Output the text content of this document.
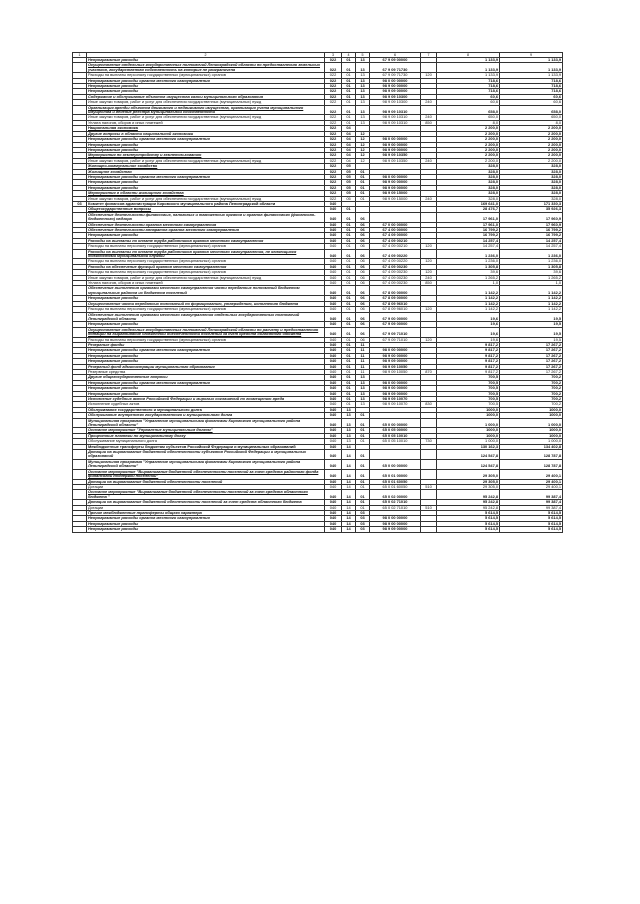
1	2	3	4	5	6	7	8	9
	Непрограммные расходы	022	01	13	67 9 09 00000		1 133,9	1 133,9
	Осуществление отдельных государственных полномочий Ленинградской области по предоставлению земельных участков, государственная собственность на которые не разграничена	022	01	13	67 9 09 71730		1 133,9	1 133,9
	Расходы на выплаты персоналу государственных (муниципальных) органов	022	01	13	67 9 09 71730	120	1 133,9	1 133,9
	Непрограммные расходы органов местного самоуправления	022	01	13	98 0 00 00000		718,6	718,6
	Непрограммные расходы	022	01	13	98 9 00 00000		718,6	718,6
	Непрограммные расходы	022	01	13	98 9 09 00000		718,6	718,6
	Содержание и обслуживание объектов имущества казны муниципального образования	022	01	13	98 9 09 10300		60,6	60,6
	Иные закупки товаров, работ и услуг для обеспечения государственных (муниципальных) нужд	022	01	13	98 9 09 10300	240	60,6	60,6
	Организация аренды объектов движимого и недвижимого имущества, организация учета муниципального имущества и ведение реестра муниципальной собственности	022	01	13	98 9 09 10310		658,0	658,0
	Иные закупки товаров, работ и услуг для обеспечения государственных (муниципальных) нужд	022	01	13	98 9 09 10310	240	650,0	650,0
	Уплата налогов, сборов и иных платежей	022	01	13	98 9 09 10310	850	8,0	8,0
	Национальная экономика	022	04				2 200,0	2 200,0
	Другие вопросы в области национальной экономики	022	04	12			2 200,0	2 200,0
	Непрограммные расходы органов местного самоуправления	022	04	12	98 0 00 00000		2 200,0	2 200,0
	Непрограммные расходы	022	04	12	98 9 00 00000		2 200,0	2 200,0
	Непрограммные расходы	022	04	12	98 9 09 00000		2 200,0	2 200,0
	Мероприятия по землеустройству и землепользованию	022	04	12	98 9 09 10350		2 200,0	2 200,0
	Иные закупки товаров, работ и услуг для обеспечения государственных (муниципальных) нужд	022	04	12	98 9 09 10350	240	2 200,0	2 200,0
	Жилищно-коммунальное хозяйство	022	05				328,0	328,0
	Жилищное хозяйство	022	05	01			328,0	328,0
	Непрограммные расходы органов местного самоуправления	022	05	01	98 0 00 00000		328,0	328,0
	Непрограммные расходы	022	05	01	98 9 00 00000		328,0	328,0
	Непрограммные расходы	022	05	01	98 9 09 00000		328,0	328,0
	Мероприятия в области жилищного хозяйства	022	05	01	98 9 09 15000		328,0	328,0
	Иные закупки товаров, работ и услуг для обеспечения государственных (муниципальных) нужд	022	05	01	98 9 09 15000	240	328,0	328,0
03	Комитет финансов администрации Кировского муниципального района Ленинградской области	040					169 641,0	171 330,3
	Общегосударственные вопросы	040	01				28 476,7	35 926,3
	Обеспечение деятельности финансовых, налоговых и таможенных органов и органов финансового (финансово-бюджетного) надзора	040	01	06			17 961,0	17 960,9
	Обеспечение деятельности органов местного самоуправления	040	01	06	67 0 00 00000		17 961,0	17 960,9
	Обеспечение деятельности аппаратов органов местного самоуправления	040	01	06	67 4 00 00000		16 799,2	16 799,2
	Непрограммные расходы	040	01	06	67 4 09 00000		16 799,2	16 799,2
	Расходы на выплаты по оплате труда работников органов местного самоуправления	040	01	06	67 4 09 00210		14 257,4	14 257,4
	Расходы на выплаты персоналу государственных (муниципальных) органов	040	01	06	67 4 09 00210	120	14 257,4	14 257,4
	Расходы на выплаты по оплате труда работников органов местного самоуправления, не являющихся должностями муниципальной службы	040	01	06	67 4 09 00220		1 236,0	1 236,0
	Расходы на выплаты персоналу государственных (муниципальных) органов	040	01	06	67 4 09 00220	120	1 236,0	1 236,0
	Расходы на обеспечение функций органов местного самоуправления	040	01	06	67 4 09 00230		1 305,8	1 305,8
	Расходы на выплаты персоналу государственных (муниципальных) органов	040	01	06	67 4 09 00230	120	39,6	39,6
	Иные закупки товаров, работ и услуг для обеспечения государственных (муниципальных) нужд	040	01	06	67 4 09 00230	240	1 265,2	1 265,2
	Уплата налогов, сборов и иных платежей	040	01	06	67 4 09 00230	850	1,0	1,0
	Обеспечение выполнения органами местного самоуправления части переданных полномочий бюджетом муниципальных районов из бюджетов поселений	040	01	06	67 8 00 00000		1 142,2	1 142,2
	Непрограммные расходы	040	01	06	67 8 09 00000		1 142,2	1 142,2
	Осуществление части переданных полномочий по формированию, утверждению, исполнению бюджета	040	01	06	67 8 09 96010		1 142,2	1 142,2
	Расходы на выплаты персоналу государственных (муниципальных) органов	040	01	06	67 8 09 96010	120	1 142,2	1 142,2
	Обеспечение выполнения органами местного самоуправления отдельных государственных полномочий Ленинградской области	040	01	06	67 9 00 00000		19,6	19,5
	Непрограммные расходы	040	01	06	67 9 09 00000		19,6	19,5
	Осуществление отдельных государственных полномочий Ленинградской области по расчету и предоставлению дотаций на выравнивание бюджетной обеспеченности поселений за счет средств областного бюджета	040	01	06	67 9 09 71010		19,6	19,5
	Расходы на выплаты персоналу государственных (муниципальных) органов	040	01	06	67 9 09 71010	120	19,6	19,5
	Резервные фонды	040	01	11			9 817,2	17 267,2
	Непрограммные расходы органов местного самоуправления	040	01	11	98 0 00 00000		9 817,2	17 267,2
	Непрограммные расходы	040	01	11	98 9 00 00000		9 817,2	17 267,2
	Непрограммные расходы	040	01	11	98 9 09 00000		9 817,2	17 267,2
	Резервный фонд администрации муниципального образования	040	01	11	98 9 09 10050		9 817,2	17 267,2
	Резервные средства	040	01	11	98 9 09 10050	870	9 817,2	17 267,2
	Другие общегосударственные вопросы	040	01	13			700,5	700,2
	Непрограммные расходы органов местного самоуправления	040	01	13	98 0 00 00000		700,5	700,2
	Непрограммные расходы	040	01	13	98 9 00 00000		700,5	700,2
	Непрограммные расходы	040	01	13	98 9 09 00000		700,5	700,2
	Исполнение судебных актов Российской Федерации и мировых соглашений по возмещению вреда	040	01	13	98 9 09 10070		700,5	700,2
	Исполнение судебных актов	040	01	13	98 9 09 10070	830	700,5	700,2
	Обслуживание государственного и муниципального долга	040	13				1000,0	1000,0
	Обслуживание внутреннего государственного и муниципального долга	040	13	01			1000,0	1000,0
	Муниципальная программа "Управление муниципальными финансами Кировского муниципального района Ленинградской области"	040	13	01	65 0 00 00000		1 000,0	1 000,0
	Основное мероприятие "Управление муниципальным долгом"	040	13	01	65 0 05 00000		1000,0	1000,0
	Процентные платежи по муниципальному долгу	040	13	01	65 0 05 10010		1000,0	1000,0
	Обслуживание муниципального долга	040	13	01	65 0 05 10010	730	1 000,0	1 000,0
	Межбюджетные трансферты бюджетам субъектов Российской Федерации и муниципальных образований	040	14				130 162,3	134 402,8
	Дотации на выравнивание бюджетной обеспеченности субъектов Российской Федерации и муниципальных образований	040	14	01			124 547,8	128 787,8
	Муниципальная программа "Управление муниципальными финансами Кировского муниципального района Ленинградской области"	040	14	01	65 0 00 00000		124 547,8	128 787,8
	Основное мероприятие "Выравнивание бюджетной обеспеченности поселений за счет средств районного фонда финансовой поддержки поселений"	040	14	01	65 0 01 00000		29 305,0	29 400,1
	Дотации на выравнивание бюджетной обеспеченности поселений	040	14	01	65 0 01 60050		29 305,0	29 400,1
	Дотации	040	14	01	65 0 01 60050	510	29 305,0	29 400,1
	Основное мероприятие "Выравнивание бюджетной обеспеченности поселений за счет средств областного бюджета "	040	14	01	65 0 02 00000		95 242,8	99 387,4
	Дотации на выравнивание бюджетной обеспеченности поселений за счет средств областного бюджета	040	14	01	65 0 02 71010		95 242,8	99 387,4
	Дотации	040	14	01	65 0 02 71010	510	95 242,8	99 387,4
	Прочие межбюджетные трансферты общего характера	040	14	03			5 614,5	5 614,5
	Непрограммные расходы органов местного самоуправления	040	14	03	98 0 00 00000		5 614,5	5 614,5
	Непрограммные расходы	040	14	03	98 9 00 00000		5 614,5	5 614,5
	Непрограммные расходы	040	14	03	98 9 09 00000		5 614,5	5 614,5
